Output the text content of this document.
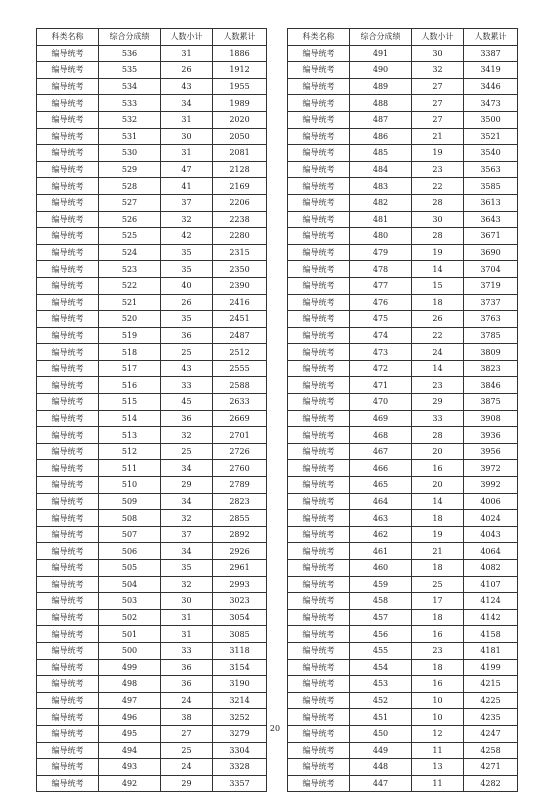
科类名称	综合分成绩	人数小计	人数累计
编导统考	536	31	1886
编导统考	535	26	1912
编导统考	534	43	1955
编导统考	533	34	1989
编导统考	532	31	2020
编导统考	531	30	2050
编导统考	530	31	2081
编导统考	529	47	2128
编导统考	528	41	2169
编导统考	527	37	2206
编导统考	526	32	2238
编导统考	525	42	2280
编导统考	524	35	2315
编导统考	523	35	2350
编导统考	522	40	2390
编导统考	521	26	2416
编导统考	520	35	2451
编导统考	519	36	2487
编导统考	518	25	2512
编导统考	517	43	2555
编导统考	516	33	2588
编导统考	515	45	2633
编导统考	514	36	2669
编导统考	513	32	2701
编导统考	512	25	2726
编导统考	511	34	2760
编导统考	510	29	2789
编导统考	509	34	2823
编导统考	508	32	2855
编导统考	507	37	2892
编导统考	506	34	2926
编导统考	505	35	2961
编导统考	504	32	2993
编导统考	503	30	3023
编导统考	502	31	3054
编导统考	501	31	3085
编导统考	500	33	3118
编导统考	499	36	3154
编导统考	498	36	3190
编导统考	497	24	3214
编导统考	496	38	3252
编导统考	495	27	3279
编导统考	494	25	3304
编导统考	493	24	3328
编导统考	492	29	3357
科类名称	综合分成绩	人数小计	人数累计
编导统考	491	30	3387
编导统考	490	32	3419
编导统考	489	27	3446
编导统考	488	27	3473
编导统考	487	27	3500
编导统考	486	21	3521
编导统考	485	19	3540
编导统考	484	23	3563
编导统考	483	22	3585
编导统考	482	28	3613
编导统考	481	30	3643
编导统考	480	28	3671
编导统考	479	19	3690
编导统考	478	14	3704
编导统考	477	15	3719
编导统考	476	18	3737
编导统考	475	26	3763
编导统考	474	22	3785
编导统考	473	24	3809
编导统考	472	14	3823
编导统考	471	23	3846
编导统考	470	29	3875
编导统考	469	33	3908
编导统考	468	28	3936
编导统考	467	20	3956
编导统考	466	16	3972
编导统考	465	20	3992
编导统考	464	14	4006
编导统考	463	18	4024
编导统考	462	19	4043
编导统考	461	21	4064
编导统考	460	18	4082
编导统考	459	25	4107
编导统考	458	17	4124
编导统考	457	18	4142
编导统考	456	16	4158
编导统考	455	23	4181
编导统考	454	18	4199
编导统考	453	16	4215
编导统考	452	10	4225
编导统考	451	10	4235
编导统考	450	12	4247
编导统考	449	11	4258
编导统考	448	13	4271
编导统考	447	11	4282
20
